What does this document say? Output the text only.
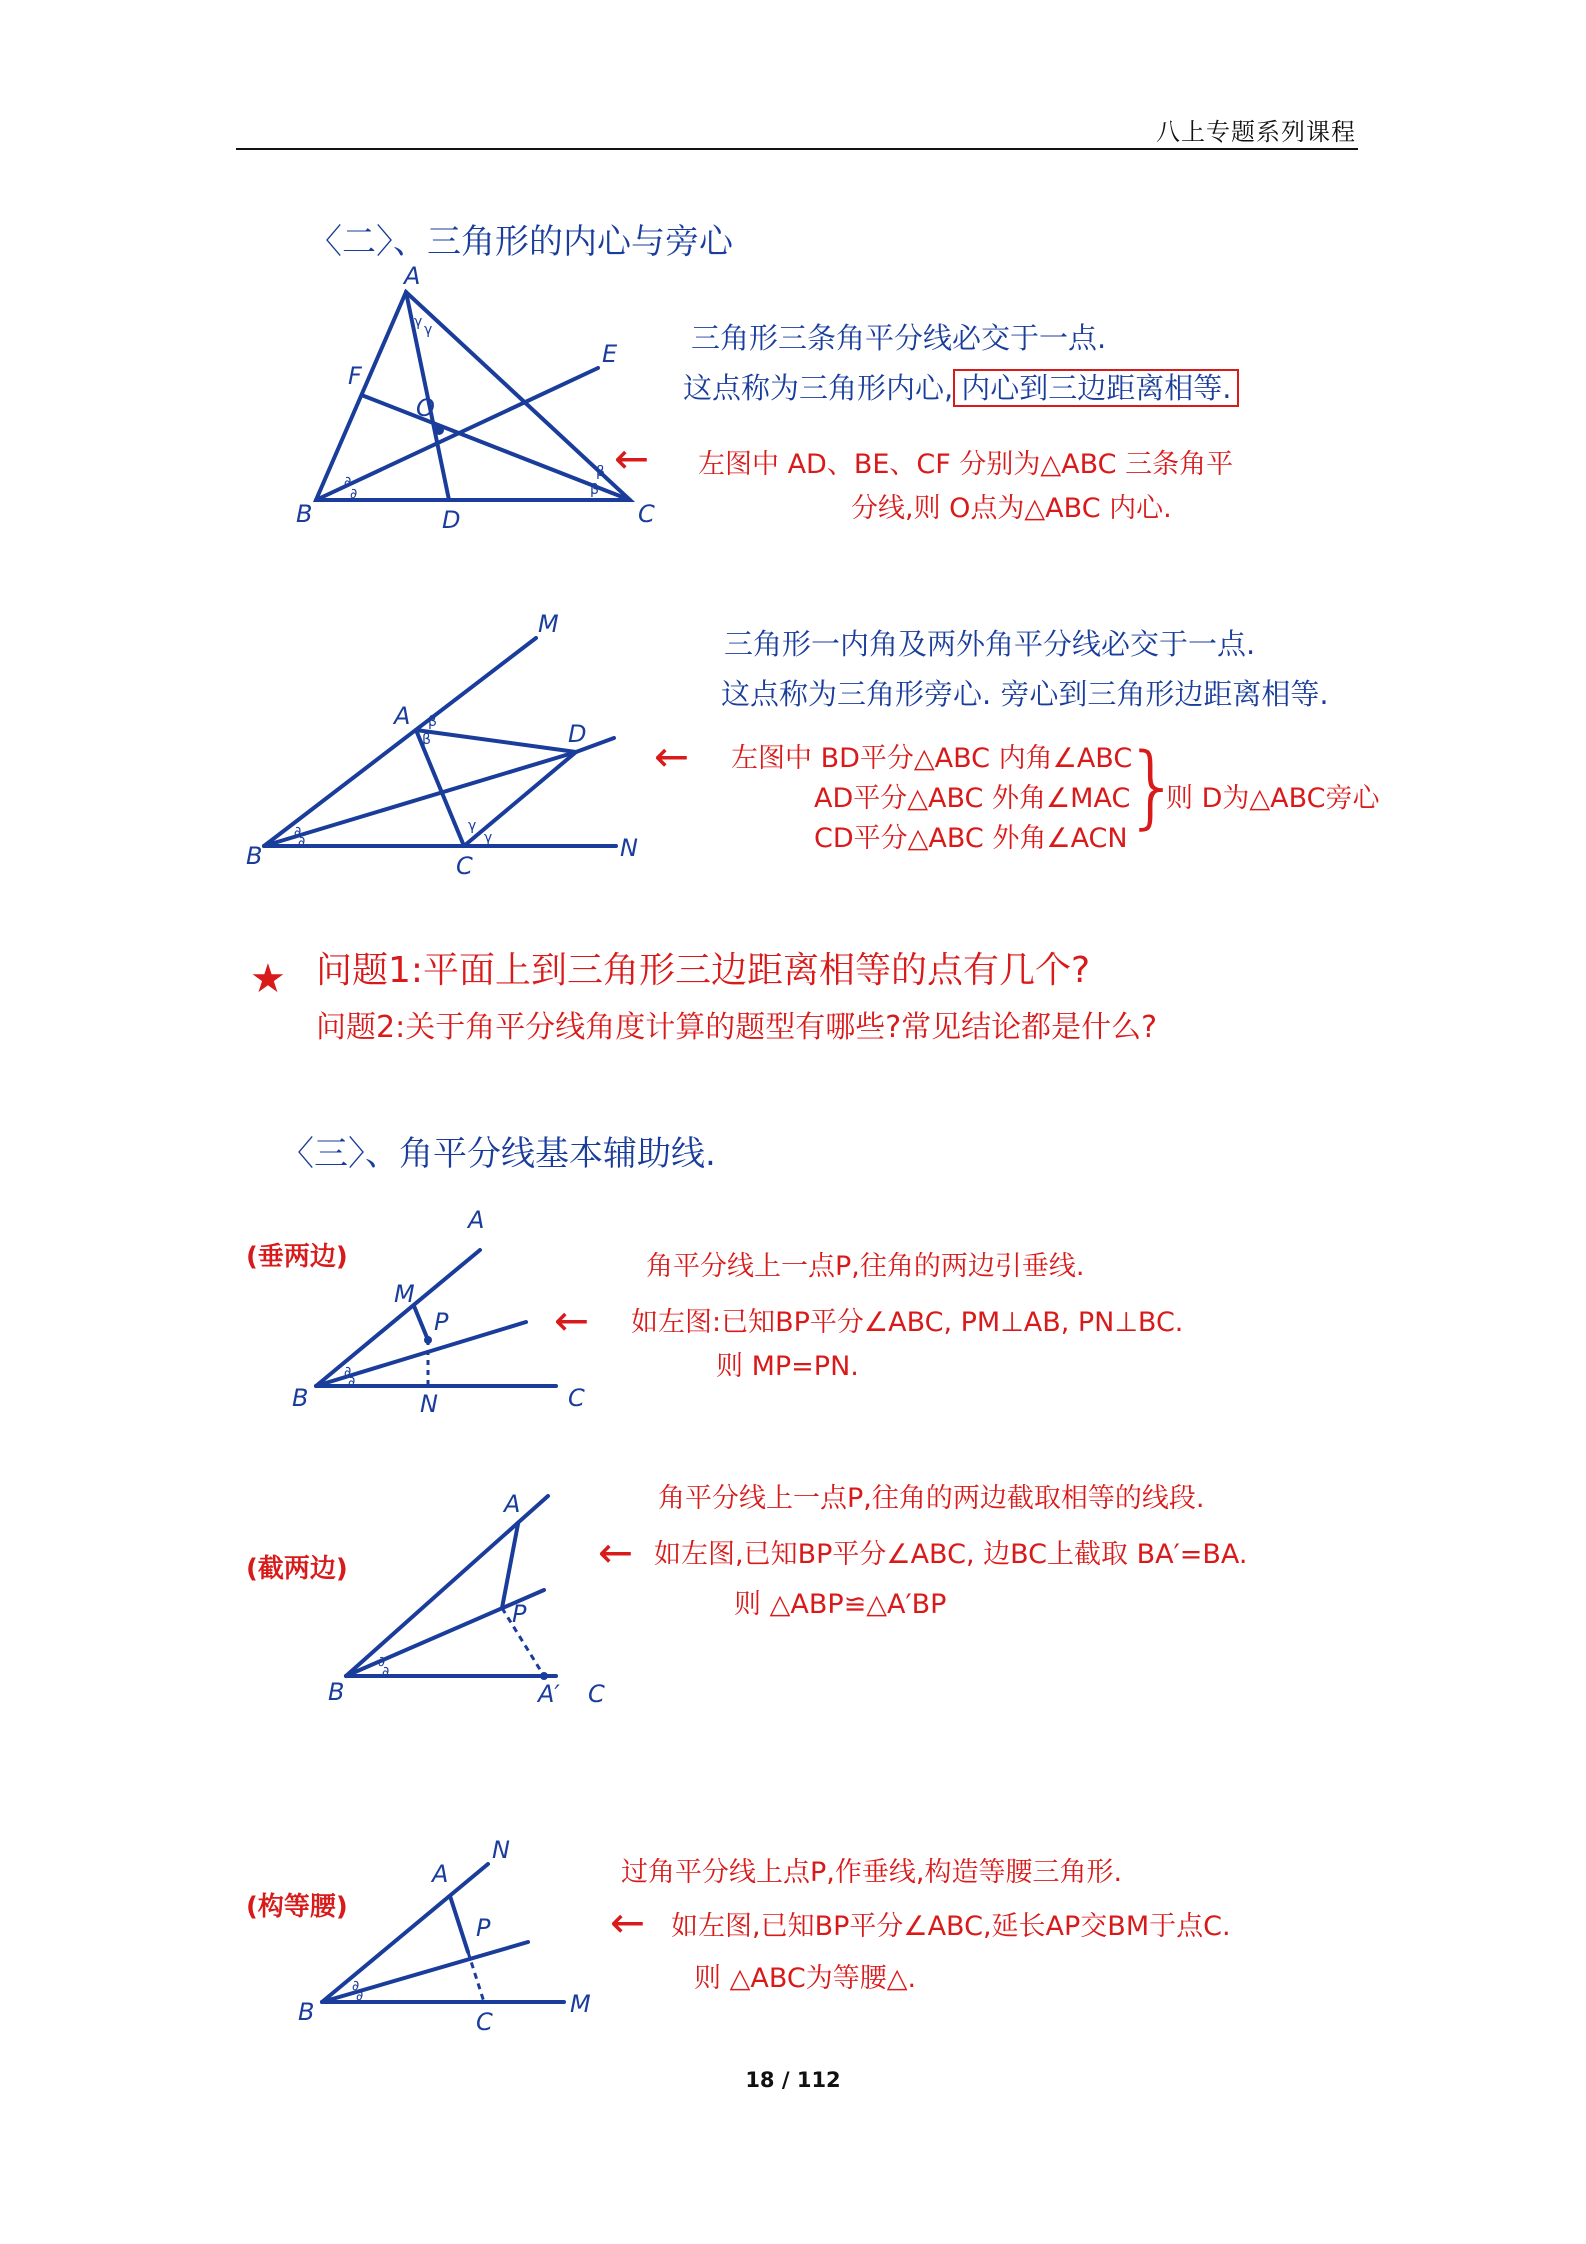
八上专题系列课程
〈二〉、三角形的内心与旁心
A
B	C
D
E
F
O
∂
∂
γ γ
β
β
三角形三条角平分线必交于一点.
这点称为三角形内心, 内心到三边距离相等.
← 左图中 AD、BE、CF 分别为△ABC 三条角平
分线,则 O点为△ABC 内心.
M
A
B	C
D
N
β
β
∂
∂
γ
γ
三角形一内角及两外角平分线必交于一点.
这点称为三角形旁心. 旁心到三角形边距离相等.
← 左图中 BD平分△ABC 内角∠ABC
AD平分△ABC 外角∠MAC
CD平分△ABC 外角∠ACN
}
则 D为△ABC旁心
★ 问题1:平面上到三角形三边距离相等的点有几个?
问题2:关于角平分线角度计算的题型有哪些?常见结论都是什么?
〈三〉、角平分线基本辅助线.
(垂两边)
A
M
P
B	N	C
∂
∂
角平分线上一点P,往角的两边引垂线.
← 如左图:已知BP平分∠ABC, PM⊥AB, PN⊥BC.
则 MP=PN.
(截两边)
A
P
B	A′ C
∂
∂
角平分线上一点P,往角的两边截取相等的线段.
← 如左图,已知BP平分∠ABC, 边BC上截取 BA′=BA.
则 △ABP≌△A′BP
(构等腰)
N
A
P
B	C
M
∂
∂
过角平分线上点P,作垂线,构造等腰三角形.
← 如左图,已知BP平分∠ABC,延长AP交BM于点C.
则 △ABC为等腰△.
18 / 112
